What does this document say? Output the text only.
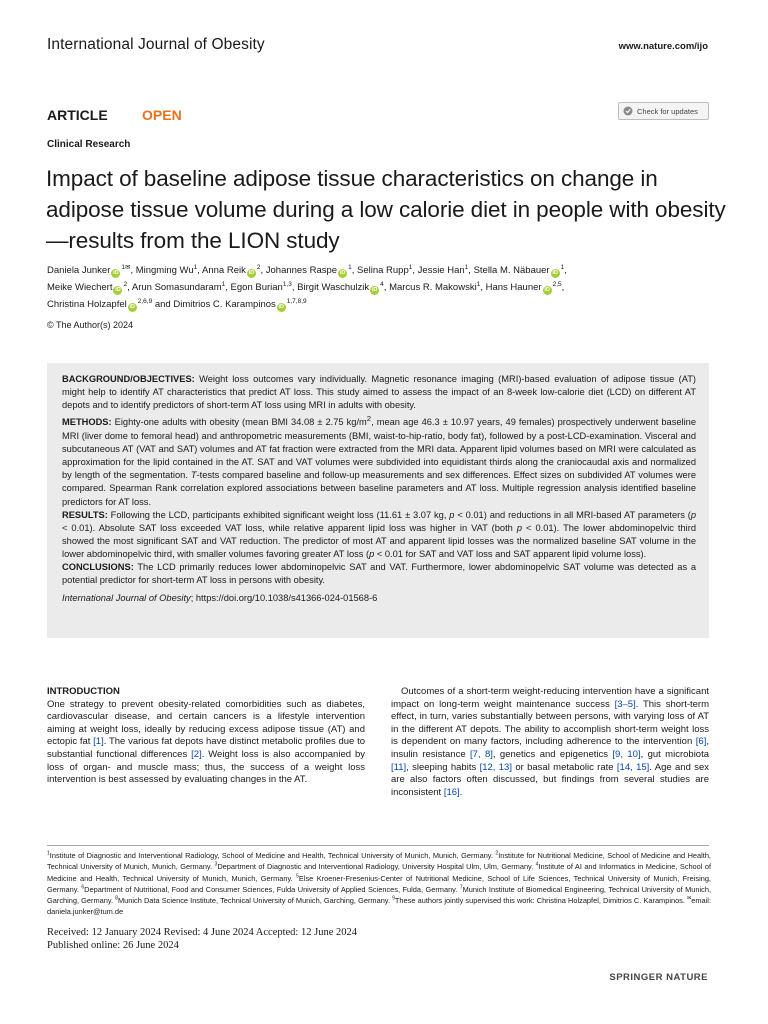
International Journal of Obesity	www.nature.com/ijo
ARTICLE OPEN	Check for updates
Clinical Research
Impact of baseline adipose tissue characteristics on change in adipose tissue volume during a low calorie diet in people with obesity—results from the LION study
Daniela Junker $iD^{1✉}$, Mingming Wu$^1$, Anna Reik $iD^2$, Johannes Raspe $iD^1$, Selina Rupp$^1$, Jessie Han$^1$, Stella M. Näbauer $iD^1$,
Meike Wiechert $iD^2$, Arun Somasundaram$^1$, Egon Burian$^{1,3}$, Birgit Waschulzik $iD^4$, Marcus R. Makowski$^1$, Hans Hauner iD$^{2,5}$,
Christina Holzapfel iD$^{2,6,9}$ and Dimitrios C. Karampinos iD$^{1,7,8,9}$
© The Author(s) 2024

BACKGROUND/OBJECTIVES: Weight loss outcomes vary individually. Magnetic resonance imaging (MRI)-based evaluation of adipose tissue (AT) might help to identify AT characteristics that predict AT loss. This study aimed to assess the impact of an 8-week low-calorie diet (LCD) on different AT depots and to identify predictors of short-term AT loss using MRI in adults with obesity.

METHODS: Eighty-one adults with obesity (mean BMI 34.08 ± 2.75 $kg/m^2$, mean age 46.3 ± 10.97 years, 49 females) prospectively underwent baseline MRI (liver dome to femoral head) and anthropometric measurements (BMI, waist-to-hip-ratio, body fat), followed by a post-LCD-examination. Visceral and subcutaneous AT (VAT and SAT) volumes and AT fat fraction were extracted from the MRI data. Apparent lipid volumes based on MRI were calculated as approximation for the lipid contained in the AT. SAT and VAT volumes were subdivided into equidistant thirds along the craniocaudal axis and normalized by length of the segmentation. T-tests compared baseline and follow-up measurements and sex differences. Effect sizes on subdivided AT volumes were compared. Spearman Rank correlation explored associations between baseline parameters and AT loss. Multiple regression analysis identified baseline predictors for AT loss.

RESULTS: Following the LCD, participants exhibited significant weight loss (11.61 ± 3.07 kg, p < 0.01) and reductions in all MRI-based AT parameters (p < 0.01). Absolute SAT loss exceeded VAT loss, while relative apparent lipid loss was higher in VAT (both p < 0.01). The lower abdominopelvic third showed the most significant SAT and VAT reduction. The predictor of most AT and apparent lipid losses was the normalized baseline SAT volume in the lower abdominopelvic third, with smaller volumes favoring greater AT loss (p < 0.01 for SAT and VAT loss and SAT apparent lipid volume loss).

CONCLUSIONS: The LCD primarily reduces lower abdominopelvic SAT and VAT. Furthermore, lower abdominopelvic SAT volume was detected as a potential predictor for short-term AT loss in persons with obesity.

International Journal of Obesity; https://doi.org/10.1038/s41366-024-01568-6

INTRODUCTION

One strategy to prevent obesity-related comorbidities such as diabetes, cardiovascular disease, and certain cancers is a lifestyle intervention aiming at weight loss, ideally by reducing excess adipose tissue (AT) and ectopic fat [1]. The various fat depots have distinct metabolic profiles due to substantial functional differences [2]. Weight loss is also accompanied by loss of organ- and muscle mass; thus, the success of a weight loss intervention is best assessed by evaluating changes in the AT.

Outcomes of a short-term weight-reducing intervention have a significant impact on long-term weight maintenance success [3–5]. This short-term effect, in turn, varies substantially between persons, with varying loss of AT in the different AT depots. The ability to accomplish short-term weight loss is dependent on many factors, including adherence to the intervention [6], insulin resistance [7, 8], genetics and epigenetics [9, 10], gut microbiota [11], sleeping habits [12, 13] or basal metabolic rate [14, 15]. Age and sex are also factors often discussed, but findings from several studies are inconsistent [16].

$^1$Institute of Diagnostic and Interventional Radiology, School of Medicine and Health, Technical University of Munich, Munich, Germany. $^2$Institute for Nutritional Medicine, School of Medicine and Health, Technical University of Munich, Munich, Germany. $^3$Department of Diagnostic and Interventional Radiology, University Hospital Ulm, Ulm, Germany. $^4$Institute of AI and Informatics in Medicine, School of Medicine and Health, Technical University of Munich, Munich, Germany. $^5$Else Kroener-Fresenius-Center of Nutritional Medicine, School of Life Sciences, Technical University of Munich, Freising, Germany. $^6$Department of Nutritional, Food and Consumer Sciences, Fulda University of Applied Sciences, Fulda, Germany. $^7$Munich Institute of Biomedical Engineering, Technical University of Munich, Garching, Germany. $^8$Munich Data Science Institute, Technical University of Munich, Garching, Germany. $^9$These authors jointly supervised this work: Christina Holzapfel, Dimitrios C. Karampinos. ✉email: daniela.junker@tum.de
Received: 12 January 2024 Revised: 4 June 2024 Accepted: 12 June 2024
Published online: 26 June 2024
SPRINGER NATURE
